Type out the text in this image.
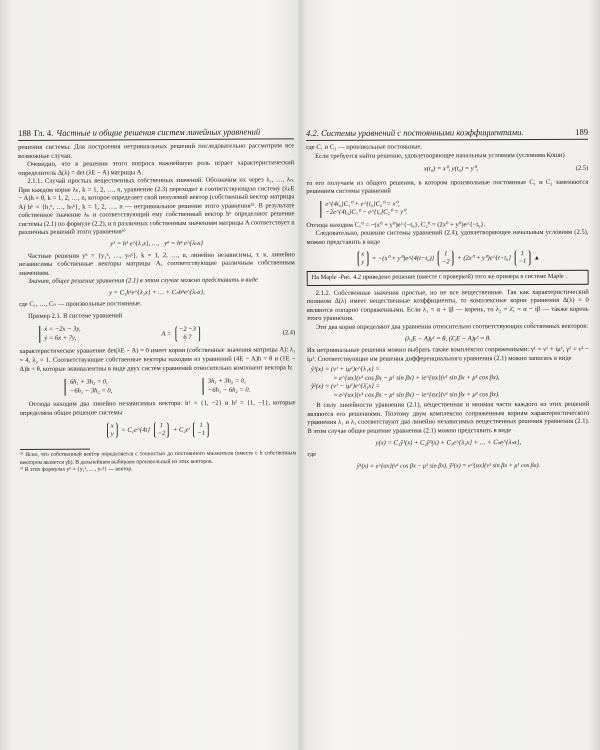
188 Гл. 4. Частные и общие решения систем линейных уравнений

решения системы. Для построения нетривиальных решений последовательно рассмотрим все возможные случаи.

Очевидно, что в решении этого вопроса важнейшую роль играет характеристический определитель Δ(λ) = det (λE − A) матрицы A.

2.1.1. Случай простых вещественных собственных значений. Обозначим их через λ₁, …, λₙ. При каждом корне λₖ, k = 1, 2, …, n, уравнение (2.3) переходит в соответствующую систему (λₖE − A)h = θ, k = 1, 2, …, n, которое определяет свой ненулевой вектор (собственный вектор матрицы A) hᵏ = {h₁ᵏ, …, hₙᵏ}, k = 1, 2, …, n — нетривиальное решение этого уравнения⁵⁾. В результате собственное значение λₖ и соответствующий ему собственный вектор hᵏ определяют решение системы (2.1) по формуле (2.2), и n различных собственным значениям матрицы A соответствует n различных решений этого уравнения⁶⁾

y¹ = h¹ e^{λ₁x}, …, yⁿ = hⁿ e^{λₙx}

Частные решения yᵏ = {y₁ᵏ, …, yₙᵏ}, k = 1, 2, …, n, линейно независимы, т. к. линейно независимы собственные векторы матрицы A, соответствующие различным собственным значениям.

Значит, общее решение уравнения (2.1) в этом случае можно представить в виде

y = C₁h¹e^{λ₁x} + … + Cₙhⁿe^{λₙx},

где C₁, …, Cₙ — произвольные постоянные.

Пример 2.1. В системе уравнений

ẋ = −2x − 3y,
ẏ = 6x + 7y,
A =
−2 −3
6 7
(2.4)

характеристическое уравнение det(λE − A) = 0 имеет корни (собственные значения матрицы A): λ₁ = 4, λ₂ = 1. Соответствующие собственные векторы находим из уравнений (4E − A)h = θ и (1E − A)h = θ, которые эквивалентны в виде двух систем уравнений относительно компонент вектора h:

6h₁ + 3h₂ = 0,
−6h₁ − 3h₂ = 0,
3h₁ + 3h₂ = 0,
−6h₁ − 6h₂ = 0.

Отсюда находим два линейно независимых вектора: h¹ = {1, −2} и h² = {1, −1}, которые определяем общее решение системы

x
y
= C₁e^{4t}
1
−2
+ C₂eᵗ
1
−1

⁵⁾ Ясно, что собственный вектор определяется с точностью до постоянного множителя (вместе с h собственным вектором является γh). В дальнейшем выбираем произвольный из этих векторов.

⁶⁾ В этих формулах yᵏ = {y₁ᵏ, …, yₙᵏ} — вектор.

4.2. Системы уравнений с постоянными коэффициентами.	189

где C₁ и C₂ — произвольные постоянные.

Если требуется найти решение, удовлетворяющее начальным условиям (условиям Коши)

x(t₀) = x⁰, y(t₀) = y⁰,	(2.5)

то его получаем из общего решения, в котором произвольные постоянные C₁ и C₂ заменяются решением системы уравнений

e^{4t₀}C₁⁰ + e^{t₀}C₂⁰ = x⁰,
−2e^{4t₀}C₁⁰ − e^{t₀}C₂⁰ = y⁰.

Отсюда находим C₁⁰ = −(x⁰ + y⁰)e^{−t₀}, C₂⁰ = (2x⁰ + y⁰)e^{−t₀}.

Следовательно, решение системы уравнений (2.4), удовлетворяющее начальным условиям (2.5), можно представить в виде

x
y
= −(x⁰ + y⁰)e^{4(t−t₀)}
1
−2
+ (2x⁰ + y⁰)e^{t−t₀}
1
−1 ▲
На Maple -Рис. 4.2 приведено решение (вместе с проверкой) того же примера в системе Maple .

2.1.2. Собственные значения простые, но не все вещественные. Так как характеристический полином Δ(λ) имеет вещественные коэффициенты, то комплексные корни уравнения Δ(λ) = 0 являются попарно сопряженными. Если λ₁ = α + iβ — корень, то λ₂ = λ̄₁ = α − iβ — также корень этого уравнения.

Эти два корня определяют два уравнения относительно соответствующих собственных векторов:

(λ₁E − A)γ¹ = θ, (λ̄₁E − A)γ² = θ.

Их нетривиальные решения можно выбрать также комплексно сопряженными: γ¹ = ν¹ + iμ¹, γ² = ν¹ − iμ¹. Соответствующие им решения дифференциального уравнения (2.1) можно записать в виде

ỹ¹(x) = (ν¹ + iμ¹)e^{λ₁x} =
= e^{αx}(ν¹ cos βx − μ¹ sin βx) + ie^{αx}(ν¹ sin βx + μ¹ cos βx),
ỹ²(x) = (ν¹ − iμ¹)e^{λ̄₁x} =
= e^{αx}(ν¹ cos βx − μ¹ sin βx) − ie^{αx}(ν¹ sin βx + μ¹ cos βx).

В силу линейности уравнения (2.1), вещественная и мнимая части каждого из этих решений являются его решениями. Поэтому двум комплексно сопряженным корням характеристического уравнения λ₁ и λ₁ соответствуют два линейно независимых вещественных решения уравнения (2.1). В этом случае общее решение уравнения (2.1) можно представить в виде

y(x) = C₁ŷ¹(x) + C₂ŷ²(x) + C₃e^{λ₃x} + … + Cₙe^{λₙx},

где

ŷ¹(x) = e^{αx}(ν¹ cos βx − μ¹ sin βx), ŷ²(x) = e^{αx}(ν¹ sin βx + μ¹ cos βx).
